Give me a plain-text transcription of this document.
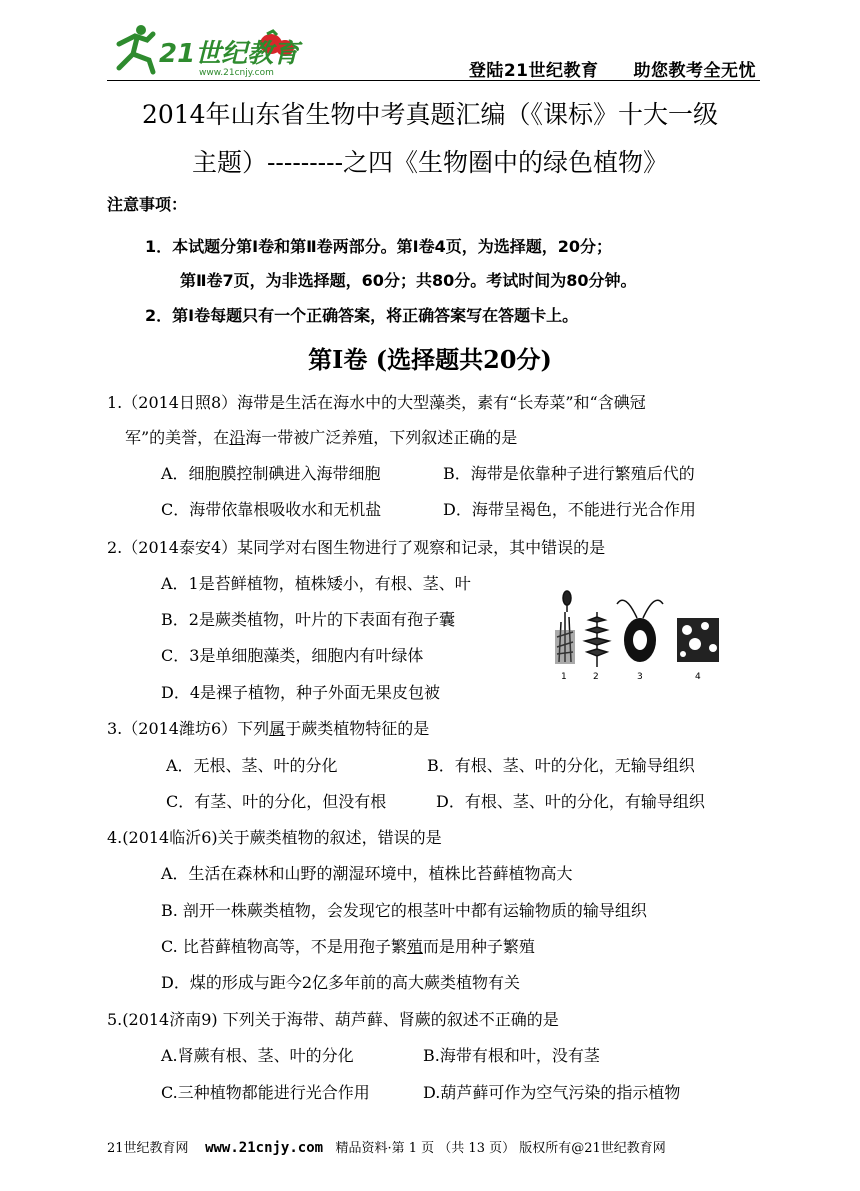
21世纪教育
www.21cnjy.com	登陆21世纪教育　　 助您教考全无忧
2014年山东省生物中考真题汇编（《课标》十大一级
主题）---------之四《生物圈中的绿色植物》
注意事项：
1．本试题分第Ⅰ卷和第Ⅱ卷两部分。第Ⅰ卷4页，为选择题，20分；
第Ⅱ卷7页，为非选择题，60分；共80分。考试时间为80分钟。
2．第Ⅰ卷每题只有一个正确答案，将正确答案写在答题卡上。
第Ⅰ卷 (选择题共20分)
1.（2014日照8）海带是生活在海水中的大型藻类，素有“长寿菜”和“含碘冠
军”的美誉，在沿海一带被广泛养殖，下列叙述正确的是
A．细胞膜控制碘进入海带细胞	B．海带是依靠种子进行繁殖后代的
C．海带依靠根吸收水和无机盐	D．海带呈褐色，不能进行光合作用
2.（2014泰安4）某同学对右图生物进行了观察和记录，其中错误的是
A．1是苔鲜植物，植株矮小，有根、茎、叶
B．2是蕨类植物，叶片的下表面有孢子囊
C．3是单细胞藻类，细胞内有叶绿体
D．4是裸子植物，种子外面无果皮包被
1	2	3	4
3.（2014潍坊6）下列属于蕨类植物特征的是
A．无根、茎、叶的分化	B．有根、茎、叶的分化，无输导组织
C．有茎、叶的分化，但没有根	D．有根、茎、叶的分化，有输导组织
4.(2014临沂6)关于蕨类植物的叙述，错误的是
A．生活在森林和山野的潮湿环境中，植株比苔藓植物高大
B. 剖开一株蕨类植物，会发现它的根茎叶中都有运输物质的输导组织
C. 比苔藓植物高等，不是用孢子繁殖而是用种子繁殖
D．煤的形成与距今2亿多年前的高大蕨类植物有关
5.(2014济南9) 下列关于海带、葫芦藓、肾蕨的叙述不正确的是
A.肾蕨有根、茎、叶的分化	B.海带有根和叶，没有茎
C.三种植物都能进行光合作用	D.葫芦藓可作为空气污染的指示植物
21世纪教育网 www.21cnjy.com 精品资料·第 1 页 （共 13 页） 版权所有@21世纪教育网
